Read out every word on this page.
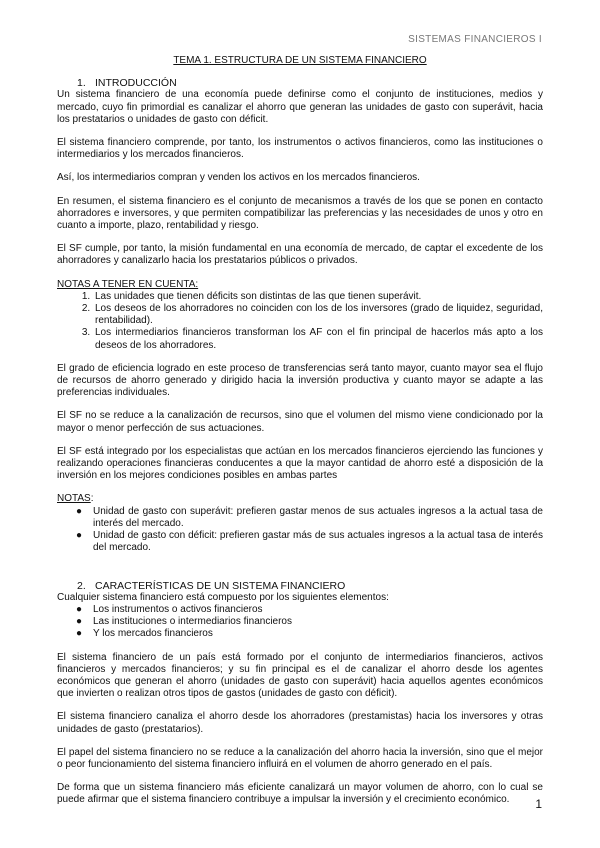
SISTEMAS FINANCIEROS I
TEMA 1. ESTRUCTURA DE UN SISTEMA FINANCIERO
1. INTRODUCCIÓN

Un sistema financiero de una economía puede definirse como el conjunto de instituciones, medios y mercado, cuyo fin primordial es canalizar el ahorro que generan las unidades de gasto con superávit, hacia los prestatarios o unidades de gasto con déficit.

El sistema financiero comprende, por tanto, los instrumentos o activos financieros, como las instituciones o intermediarios y los mercados financieros.

Así, los intermediarios compran y venden los activos en los mercados financieros.

En resumen, el sistema financiero es el conjunto de mecanismos a través de los que se ponen en contacto ahorradores e inversores, y que permiten compatibilizar las preferencias y las necesidades de unos y otro en cuanto a importe, plazo, rentabilidad y riesgo.

El SF cumple, por tanto, la misión fundamental en una economía de mercado, de captar el excedente de los ahorradores y canalizarlo hacia los prestatarios públicos o privados.

NOTAS A TENER EN CUENTA:
1. Las unidades que tienen déficits son distintas de las que tienen superávit.
2. Los deseos de los ahorradores no coinciden con los de los inversores (grado de liquidez, seguridad, rentabilidad).
3. Los intermediarios financieros transforman los AF con el fin principal de hacerlos más apto a los deseos de los ahorradores.

El grado de eficiencia logrado en este proceso de transferencias será tanto mayor, cuanto mayor sea el flujo de recursos de ahorro generado y dirigido hacia la inversión productiva y cuanto mayor se adapte a las preferencias individuales.

El SF no se reduce a la canalización de recursos, sino que el volumen del mismo viene condicionado por la mayor o menor perfección de sus actuaciones.

El SF está integrado por los especialistas que actúan en los mercados financieros ejerciendo las funciones y realizando operaciones financieras conducentes a que la mayor cantidad de ahorro esté a disposición de la inversión en los mejores condiciones posibles en ambas partes

NOTAS:
● Unidad de gasto con superávit: prefieren gastar menos de sus actuales ingresos a la actual tasa de interés del mercado.
● Unidad de gasto con déficit: prefieren gastar más de sus actuales ingresos a la actual tasa de interés del mercado.
2. CARACTERÍSTICAS DE UN SISTEMA FINANCIERO

Cualquier sistema financiero está compuesto por los siguientes elementos:

● Los instrumentos o activos financieros
● Las instituciones o intermediarios financieros
● Y los mercados financieros

El sistema financiero de un país está formado por el conjunto de intermediarios financieros, activos financieros y mercados financieros; y su fin principal es el de canalizar el ahorro desde los agentes económicos que generan el ahorro (unidades de gasto con superávit) hacia aquellos agentes económicos que invierten o realizan otros tipos de gastos (unidades de gasto con déficit).

El sistema financiero canaliza el ahorro desde los ahorradores (prestamistas) hacia los inversores y otras unidades de gasto (prestatarios).

El papel del sistema financiero no se reduce a la canalización del ahorro hacia la inversión, sino que el mejor o peor funcionamiento del sistema financiero influirá en el volumen de ahorro generado en el país.

De forma que un sistema financiero más eficiente canalizará un mayor volumen de ahorro, con lo cual se puede afirmar que el sistema financiero contribuye a impulsar la inversión y el crecimiento económico.	1
